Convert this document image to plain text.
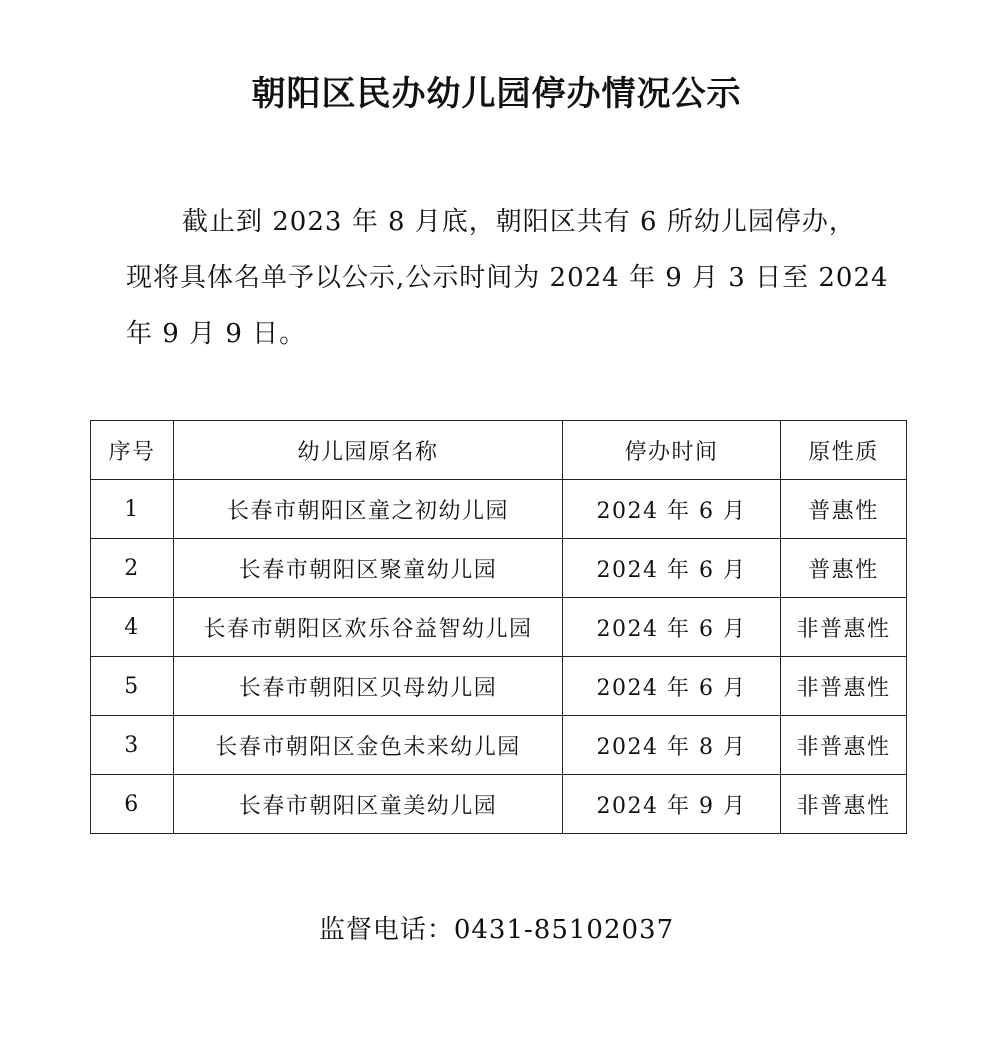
朝阳区民办幼儿园停办情况公示
截止到 2023 年 8 月底，朝阳区共有 6 所幼儿园停办，
现将具体名单予以公示,公示时间为 2024 年 9 月 3 日至 2024
年 9 月 9 日。
序号	幼儿园原名称	停办时间	原性质
1	长春市朝阳区童之初幼儿园	2024 年 6 月	普惠性
2	长春市朝阳区聚童幼儿园	2024 年 6 月	普惠性
4	长春市朝阳区欢乐谷益智幼儿园	2024 年 6 月	非普惠性
5	长春市朝阳区贝母幼儿园	2024 年 6 月	非普惠性
3	长春市朝阳区金色未来幼儿园	2024 年 8 月	非普惠性
6	长春市朝阳区童美幼儿园	2024 年 9 月	非普惠性

监督电话：0431-85102037
